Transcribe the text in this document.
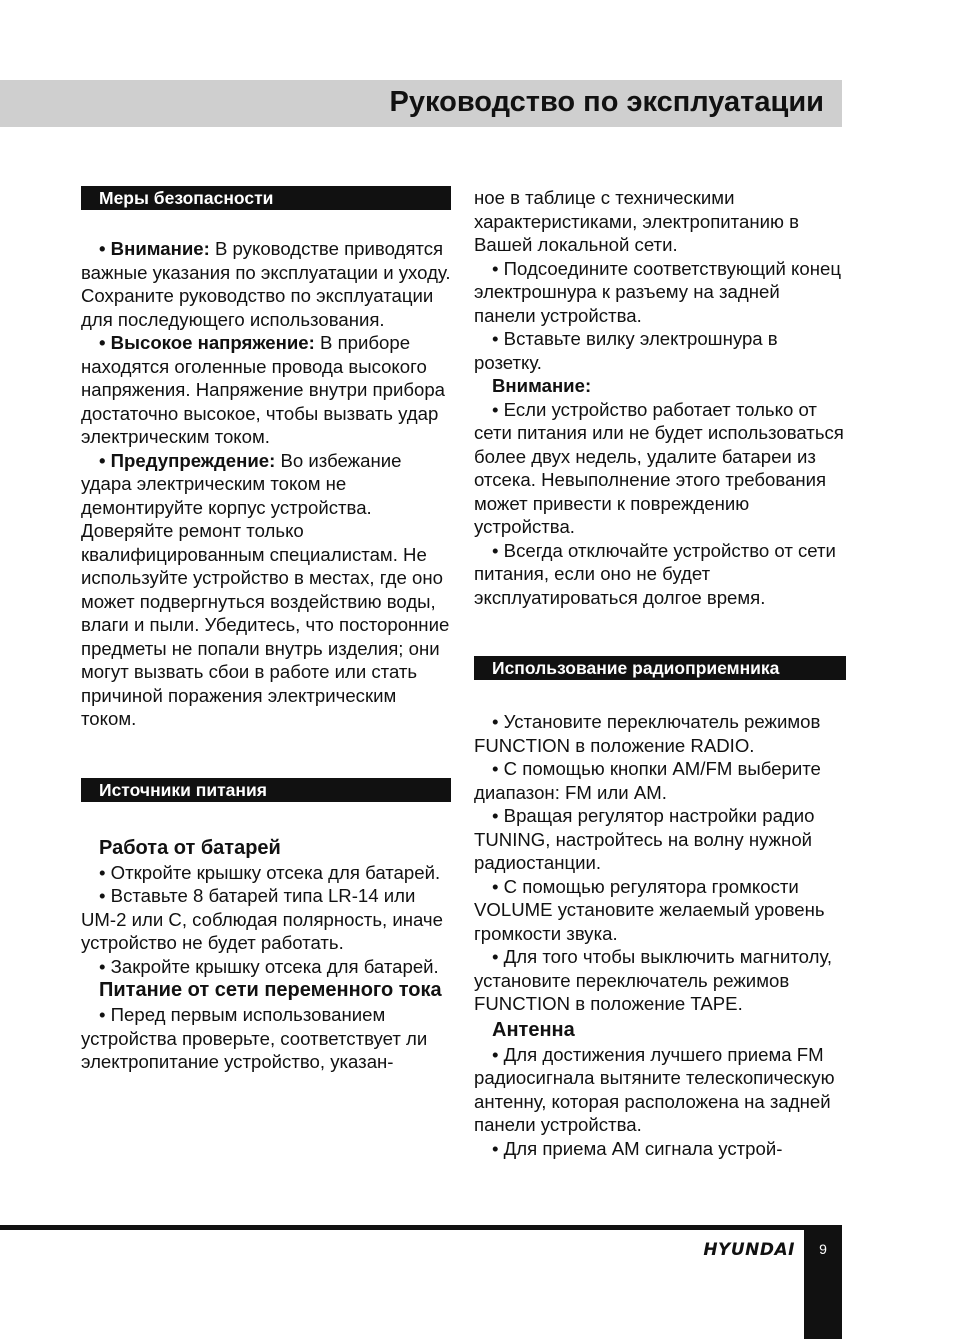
Руководство по эксплуатации
Меры безопасности

• Внимание: В руководстве приводятся важные указания по эксплуатации и уходу. Сохраните руководство по эксплуатации для последующего использования.

• Высокое напряжение: В приборе находятся оголенные провода высокого напряжения. Напряжение внутри прибора достаточно высокое, чтобы вызвать удар электрическим током.

• Предупреждение: Во избежание удара электрическим током не демонтируйте корпус устройства. Доверяйте ремонт только квалифицированным специалистам. Не используйте устройство в местах, где оно может подвергнуться воздействию воды, влаги и пыли. Убедитесь, что посторонние предметы не попали внутрь изделия; они могут вызвать сбои в работе или стать причиной поражения электрическим током.

Источники питания

Работа от батарей

• Откройте крышку отсека для батарей.

• Вставьте 8 батарей типа LR-14 или UM-2 или C, соблюдая полярность, иначе устройство не будет работать.

• Закройте крышку отсека для батарей.

Питание от сети переменного тока

• Перед первым использованием устройства проверьте, соответствует ли электропитание устройство, указан-

ное в таблице с техническими характеристиками, электропитанию в Вашей локальной сети.

• Подсоедините соответствующий конец электрошнура к разъему на задней панели устройства.

• Вставьте вилку электрошнура в розетку.

Внимание:

• Если устройство работает только от сети питания или не будет использоваться более двух недель, удалите батареи из отсека. Невыполнение этого требования может привести к повреждению устройства.

• Всегда отключайте устройство от сети питания, если оно не будет эксплуатироваться долгое время.

Использование радиоприемника

• Установите переключатель режимов FUNCTION в положение RADIO.

• С помощью кнопки AM/FM выберите диапазон: FM или AM.

• Вращая регулятор настройки радио TUNING, настройтесь на волну нужной радиостанции.

• С помощью регулятора громкости VOLUME установите желаемый уровень громкости звука.

• Для того чтобы выключить магнитолу, установите переключатель режимов FUNCTION в положение TAPE.

Антенна

• Для достижения лучшего приема FM радиосигнала вытяните телескопическую антенну, которая расположена на задней панели устройства.

• Для приема AM сигнала устрой-

HYUNDAI	9
